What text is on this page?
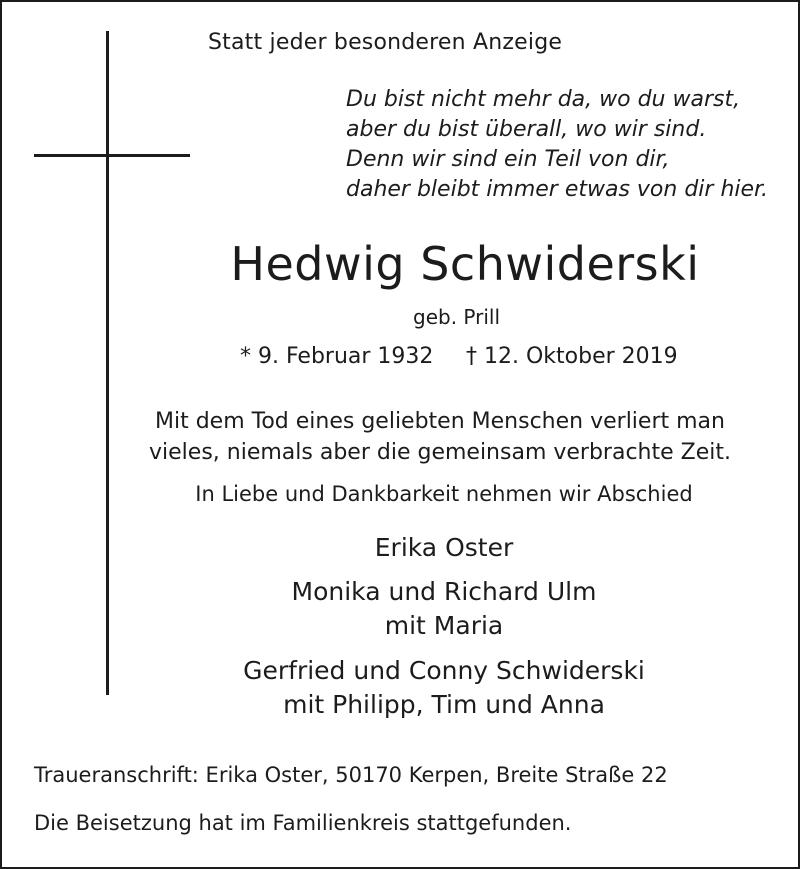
Statt jeder besonderen Anzeige
Du bist nicht mehr da, wo du warst,
aber du bist überall, wo wir sind.
Denn wir sind ein Teil von dir,
daher bleibt immer etwas von dir hier.
Hedwig Schwiderski
geb. Prill
* 9. Februar 1932 † 12. Oktober 2019
Mit dem Tod eines geliebten Menschen verliert man
vieles, niemals aber die gemeinsam verbrachte Zeit.
In Liebe und Dankbarkeit nehmen wir Abschied
Erika Oster
Monika und Richard Ulm
mit Maria
Gerfried und Conny Schwiderski
mit Philipp, Tim und Anna
Traueranschrift: Erika Oster, 50170 Kerpen, Breite Straße 22
Die Beisetzung hat im Familienkreis stattgefunden.
